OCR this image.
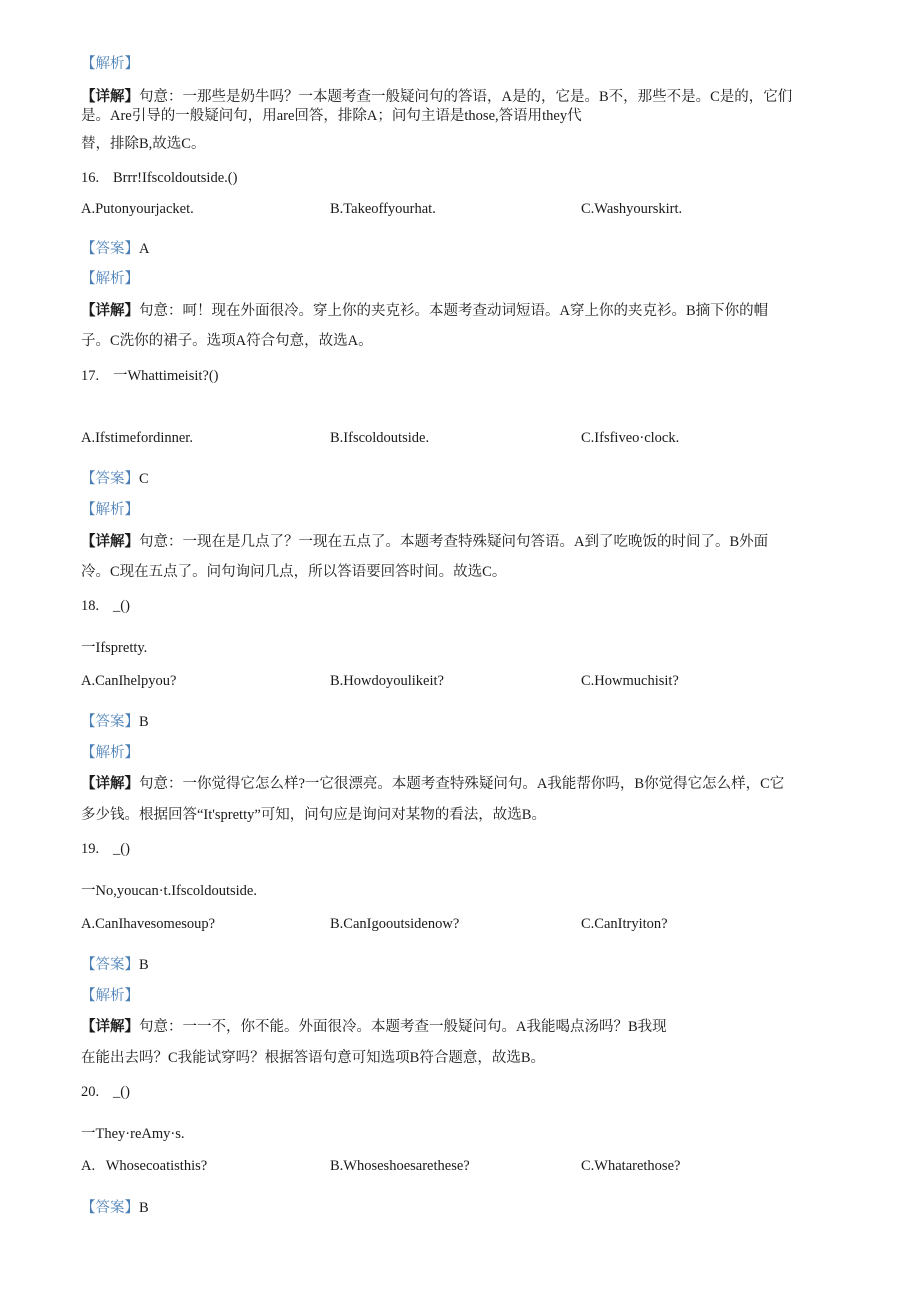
【解析】
【详解】句意：一那些是奶牛吗？一本题考查一般疑问句的答语，A是的，它是。B不，那些不是。C是的，它们
是。Are引导的一般疑问句，用are回答，排除A；问句主语是those,答语用they代
替，排除B,故选C。
16. Brrr!Ifscoldoutside.()
A.Putonyourjacket.	B.Takeoffyourhat.	C.Washyourskirt.
【答案】A
【解析】
【详解】句意：呵！现在外面很冷。穿上你的夹克衫。本题考查动词短语。A穿上你的夹克衫。B摘下你的帽
子。C洗你的裙子。选项A符合句意，故选A。
17. 一Whattimeisit?()
A.Ifstimefordinner.	B.Ifscoldoutside.	C.Ifsfiveo·clock.
【答案】C
【解析】
【详解】句意：一现在是几点了？一现在五点了。本题考查特殊疑问句答语。A到了吃晚饭的时间了。B外面
冷。C现在五点了。问句询问几点，所以答语要回答时间。故选C。
18. _()
一Ifspretty.
A.CanIhelpyou?	B.Howdoyoulikeit?	C.Howmuchisit?
【答案】B
【解析】
【详解】句意：一你觉得它怎么样?一它很漂亮。本题考查特殊疑问句。A我能帮你吗，B你觉得它怎么样，C它
多少钱。根据回答“It'spretty”可知，问句应是询问对某物的看法，故选B。
19. _()
一No,youcan·t.Ifscoldoutside.
A.CanIhavesomesoup?	B.CanIgooutsidenow?	C.CanItryiton?
【答案】B
【解析】
【详解】句意：一一不，你不能。外面很冷。本题考查一般疑问句。A我能喝点汤吗？B我现
在能出去吗？C我能试穿吗？根据答语句意可知选项B符合题意，故选B。
20. _()
一They·reAmy·s.
A.   Whosecoatisthis?	B.Whoseshoesarethese?	C.Whatarethose?
【答案】B
